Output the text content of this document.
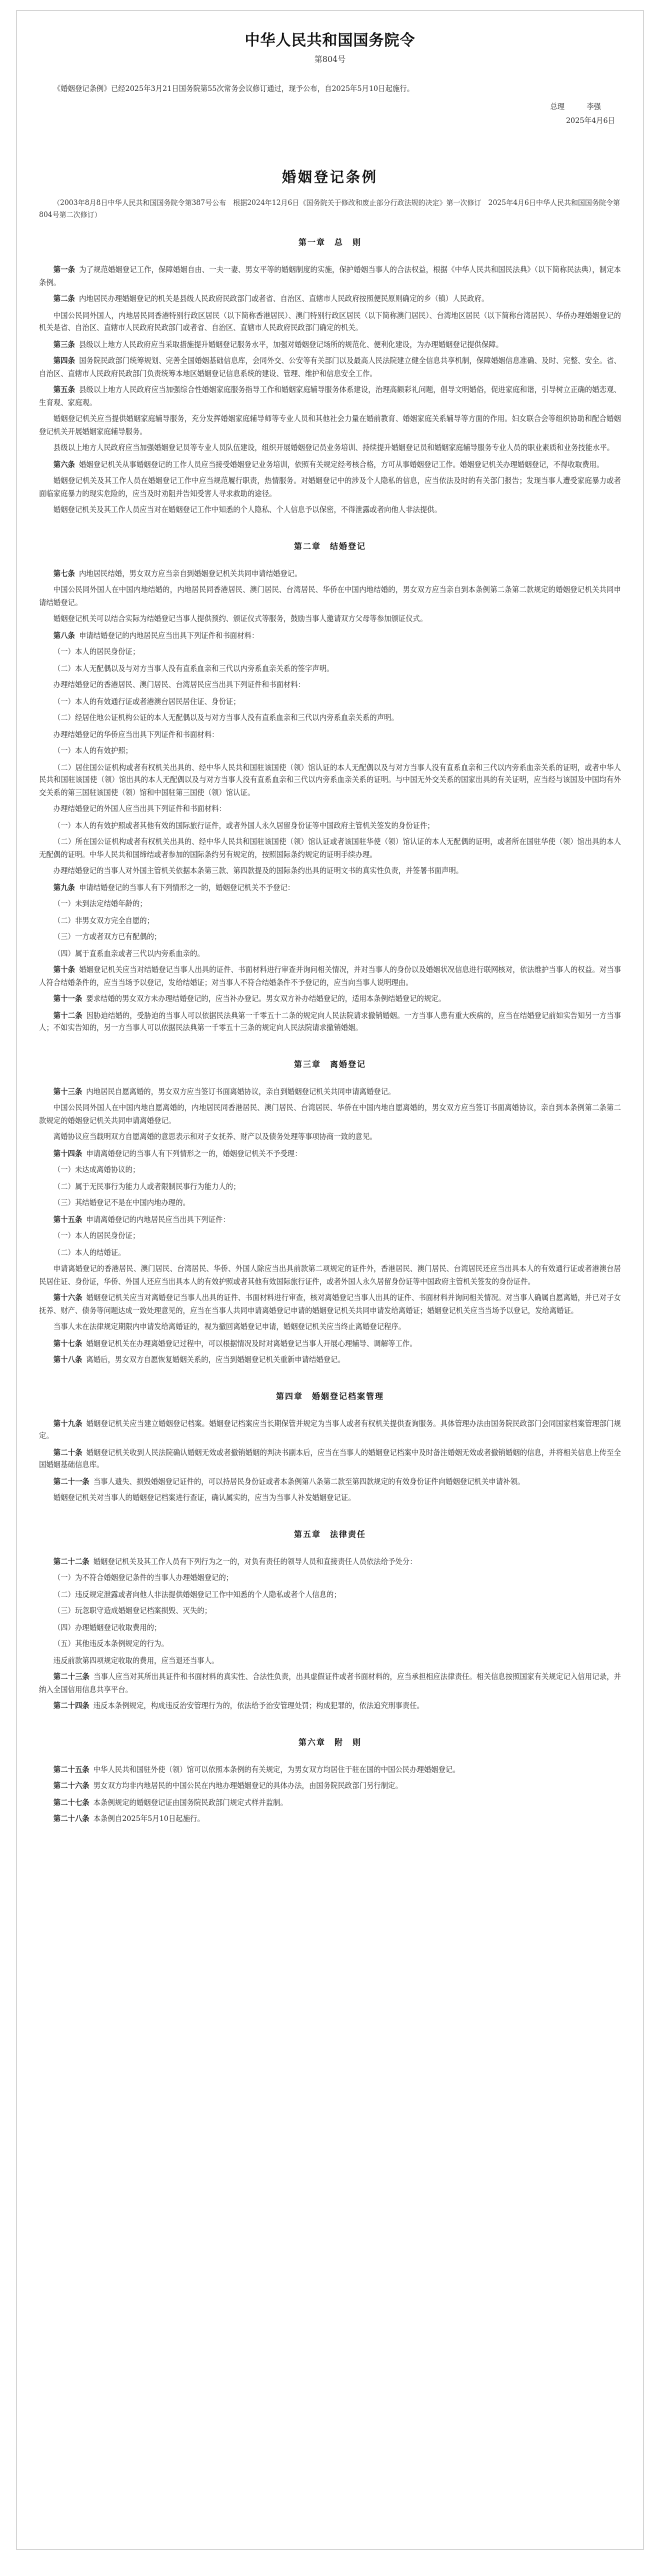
中华人民共和国国务院令
第804号

《婚姻登记条例》已经2025年3月21日国务院第55次常务会议修订通过，现予公布，自2025年5月10日起施行。

总理	李强
2025年4月6日
婚姻登记条例

（2003年8月8日中华人民共和国国务院令第387号公布　根据2024年12月6日《国务院关于修改和废止部分行政法规的决定》第一次修订　2025年4月6日中华人民共和国国务院令第804号第二次修订）

第一章　总　则

第一条 为了规范婚姻登记工作，保障婚姻自由、一夫一妻、男女平等的婚姻制度的实施，保护婚姻当事人的合法权益，根据《中华人民共和国民法典》（以下简称民法典），制定本条例。

第二条 内地居民办理婚姻登记的机关是县级人民政府民政部门或者省、自治区、直辖市人民政府按照便民原则确定的乡（镇）人民政府。

中国公民同外国人，内地居民同香港特别行政区居民（以下简称香港居民）、澳门特别行政区居民（以下简称澳门居民）、台湾地区居民（以下简称台湾居民）、华侨办理婚姻登记的机关是省、自治区、直辖市人民政府民政部门或者省、自治区、直辖市人民政府民政部门确定的机关。

第三条 县级以上地方人民政府应当采取措施提升婚姻登记服务水平，加强对婚姻登记场所的规范化、便利化建设，为办理婚姻登记提供保障。

第四条 国务院民政部门统筹规划、完善全国婚姻基础信息库，会同外交、公安等有关部门以及最高人民法院建立健全信息共享机制，保障婚姻信息准确、及时、完整、安全。省、自治区、直辖市人民政府民政部门负责统筹本地区婚姻登记信息系统的建设、管理、维护和信息安全工作。

第五条 县级以上地方人民政府应当加强综合性婚姻家庭服务指导工作和婚姻家庭辅导服务体系建设，治理高额彩礼问题，倡导文明婚俗，促进家庭和谐，引导树立正确的婚恋观、生育观、家庭观。

婚姻登记机关应当提供婚姻家庭辅导服务，充分发挥婚姻家庭辅导师等专业人员和其他社会力量在婚前教育、婚姻家庭关系辅导等方面的作用。妇女联合会等组织协助和配合婚姻登记机关开展婚姻家庭辅导服务。

县级以上地方人民政府应当加强婚姻登记员等专业人员队伍建设，组织开展婚姻登记员业务培训、持续提升婚姻登记员和婚姻家庭辅导服务专业人员的职业素质和业务技能水平。

第六条 婚姻登记机关从事婚姻登记的工作人员应当接受婚姻登记业务培训，依照有关规定经考核合格，方可从事婚姻登记工作。婚姻登记机关办理婚姻登记，不得收取费用。

婚姻登记机关及其工作人员在婚姻登记工作中应当规范履行职责，热情服务。对婚姻登记中的涉及个人隐私的信息，应当依法及时的有关部门报告；发现当事人遭受家庭暴力或者面临家庭暴力的现实危险的，应当及时劝阻并告知受害人寻求救助的途径。

婚姻登记机关及其工作人员应当对在婚姻登记工作中知悉的个人隐私、个人信息予以保密，不得泄露或者向他人非法提供。

第二章　结婚登记

第七条 内地居民结婚，男女双方应当亲自到婚姻登记机关共同申请结婚登记。

中国公民同外国人在中国内地结婚的，内地居民同香港居民、澳门居民、台湾居民、华侨在中国内地结婚的，男女双方应当亲自到本条例第二条第二款规定的婚姻登记机关共同申请结婚登记。

婚姻登记机关可以结合实际为结婚登记当事人提供预约、颁证仪式等服务，鼓励当事人邀请双方父母等参加颁证仪式。

第八条 申请结婚登记的内地居民应当出具下列证件和书面材料：

（一）本人的居民身份证；

（二）本人无配偶以及与对方当事人没有直系血亲和三代以内旁系血亲关系的签字声明。

办理结婚登记的香港居民、澳门居民、台湾居民应当出具下列证件和书面材料：

（一）本人的有效通行证或者港澳台居民居住证、身份证；

（二）经居住地公证机构公证的本人无配偶以及与对方当事人没有直系血亲和三代以内旁系血亲关系的声明。

办理结婚登记的华侨应当出具下列证件和书面材料：

（一）本人的有效护照；

（二）居住国公证机构或者有权机关出具的、经中华人民共和国驻该国使（领）馆认证的本人无配偶以及与对方当事人没有直系血亲和三代以内旁系血亲关系的证明，或者中华人民共和国驻该国使（领）馆出具的本人无配偶以及与对方当事人没有直系血亲和三代以内旁系血亲关系的证明。与中国无外交关系的国家出具的有关证明，应当经与该国及中国均有外交关系的第三国驻该国使（领）馆和中国驻第三国使（领）馆认证。

办理结婚登记的外国人应当出具下列证件和书面材料：

（一）本人的有效护照或者其他有效的国际旅行证件，或者外国人永久居留身份证等中国政府主管机关签发的身份证件；

（二）所在国公证机构或者有权机关出具的、经中华人民共和国驻该国使（领）馆认证或者该国驻华使（领）馆认证的本人无配偶的证明，或者所在国驻华使（领）馆出具的本人无配偶的证明。中华人民共和国缔结或者参加的国际条约另有规定的，按照国际条约规定的证明手续办理。

办理结婚登记的当事人对外国主管机关依据本条第三款、第四款提及的国际条约出具的证明文书的真实性负责，并签署书面声明。

第九条 申请结婚登记的当事人有下列情形之一的，婚姻登记机关不予登记：

（一）未到法定结婚年龄的；

（二）非男女双方完全自愿的；

（三）一方或者双方已有配偶的；

（四）属于直系血亲或者三代以内旁系血亲的。

第十条 婚姻登记机关应当对结婚登记当事人出具的证件、书面材料进行审查并询问相关情况，并对当事人的身份以及婚姻状况信息进行联网核对，依法维护当事人的权益。对当事人符合结婚条件的，应当当场予以登记，发给结婚证；对当事人不符合结婚条件不予登记的，应当向当事人说明理由。

第十一条 要求结婚的男女双方未办理结婚登记的，应当补办登记。男女双方补办结婚登记的，适用本条例结婚登记的规定。

第十二条 因胁迫结婚的，受胁迫的当事人可以依据民法典第一千零五十二条的规定向人民法院请求撤销婚姻。一方当事人患有重大疾病的，应当在结婚登记前如实告知另一方当事人；不如实告知的，另一方当事人可以依据民法典第一千零五十三条的规定向人民法院请求撤销婚姻。

第三章　离婚登记

第十三条 内地居民自愿离婚的，男女双方应当签订书面离婚协议，亲自到婚姻登记机关共同申请离婚登记。

中国公民同外国人在中国内地自愿离婚的，内地居民同香港居民、澳门居民、台湾居民、华侨在中国内地自愿离婚的，男女双方应当签订书面离婚协议，亲自到本条例第二条第二款规定的婚姻登记机关共同申请离婚登记。

离婚协议应当载明双方自愿离婚的意思表示和对子女抚养、财产以及债务处理等事项协商一致的意见。

第十四条 申请离婚登记的当事人有下列情形之一的，婚姻登记机关不予受理：

（一）未达成离婚协议的；

（二）属于无民事行为能力人或者限制民事行为能力人的；

（三）其结婚登记不是在中国内地办理的。

第十五条 申请离婚登记的内地居民应当出具下列证件：

（一）本人的居民身份证；

（二）本人的结婚证。

申请离婚登记的香港居民、澳门居民、台湾居民、华侨、外国人除应当出具前款第二项规定的证件外，香港居民、澳门居民、台湾居民还应当出具本人的有效通行证或者港澳台居民居住证、身份证，华侨、外国人还应当出具本人的有效护照或者其他有效国际旅行证件，或者外国人永久居留身份证等中国政府主管机关签发的身份证件。

第十六条 婚姻登记机关应当对离婚登记当事人出具的证件、书面材料进行审查，核对离婚登记当事人出具的证件、书面材料并询问相关情况。对当事人确属自愿离婚，并已对子女抚养、财产、债务等问题达成一致处理意见的，应当在当事人共同申请离婚登记申请的婚姻登记机关共同申请发给离婚证；婚姻登记机关应当当场予以登记，发给离婚证。

当事人未在法律规定期限内申请发给离婚证的，视为撤回离婚登记申请，婚姻登记机关应当终止离婚登记程序。

第十七条 婚姻登记机关在办理离婚登记过程中，可以根据情况及时对离婚登记当事人开展心理辅导、调解等工作。

第十八条 离婚后，男女双方自愿恢复婚姻关系的，应当到婚姻登记机关重新申请结婚登记。

第四章　婚姻登记档案管理

第十九条 婚姻登记机关应当建立婚姻登记档案。婚姻登记档案应当长期保管并规定为当事人或者有权机关提供查询服务。具体管理办法由国务院民政部门会同国家档案管理部门规定。

第二十条 婚姻登记机关收到人民法院确认婚姻无效或者撤销婚姻的判决书副本后，应当在当事人的婚姻登记档案中及时备注婚姻无效或者撤销婚姻的信息，并将相关信息上传至全国婚姻基础信息库。

第二十一条 当事人遗失、损毁婚姻登记证件的，可以持居民身份证或者本条例第八条第二款至第四款规定的有效身份证件向婚姻登记机关申请补领。

婚姻登记机关对当事人的婚姻登记档案进行查证，确认属实的，应当为当事人补发婚姻登记证。

第五章　法律责任

第二十二条 婚姻登记机关及其工作人员有下列行为之一的，对负有责任的领导人员和直接责任人员依法给予处分：

（一）为不符合婚姻登记条件的当事人办理婚姻登记的；

（二）违反规定泄露或者向他人非法提供婚姻登记工作中知悉的个人隐私或者个人信息的；

（三）玩忽职守造成婚姻登记档案损毁、灭失的；

（四）办理婚姻登记收取费用的；

（五）其他违反本条例规定的行为。

违反前款第四项规定收取的费用，应当退还当事人。

第二十三条 当事人应当对其所出具证件和书面材料的真实性、合法性负责，出具虚假证件或者书面材料的，应当承担相应法律责任。相关信息按照国家有关规定记入信用记录，并纳入全国信用信息共享平台。

第二十四条 违反本条例规定，构成违反治安管理行为的，依法给予治安管理处罚；构成犯罪的，依法追究刑事责任。

第六章　附　则

第二十五条 中华人民共和国驻外使（领）馆可以依照本条例的有关规定，为男女双方均居住于驻在国的中国公民办理婚姻登记。

第二十六条 男女双方均非内地居民的中国公民在内地办理婚姻登记的具体办法，由国务院民政部门另行制定。

第二十七条 本条例规定的婚姻登记证由国务院民政部门规定式样并监制。

第二十八条 本条例自2025年5月10日起施行。
